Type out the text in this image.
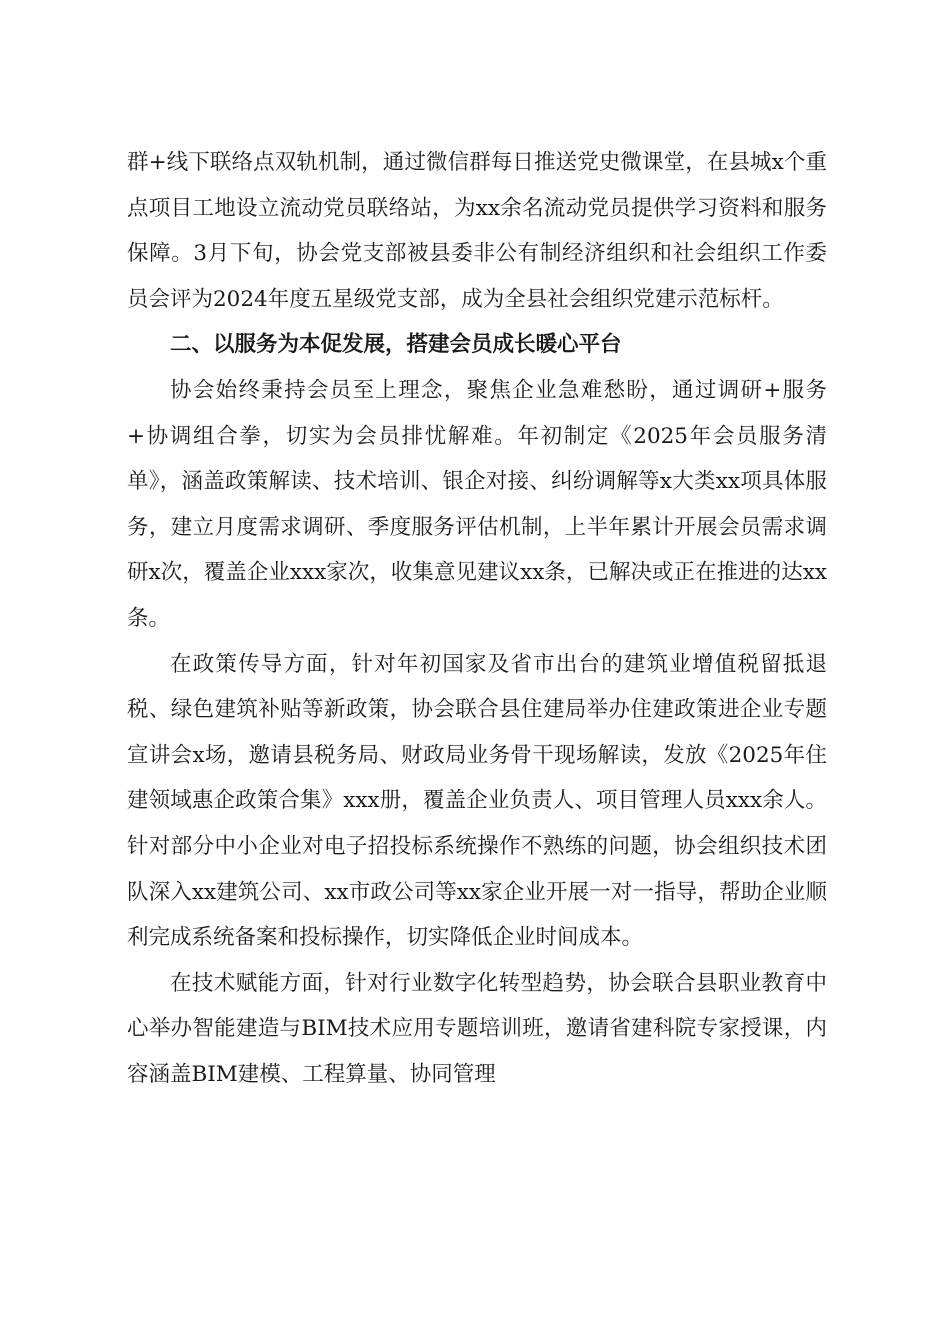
群+线下联络点双轨机制，通过微信群每日推送党史微课堂，在县城x个重点项目工地设立流动党员联络站，为xx余名流动党员提供学习资料和服务保障。3月下旬，协会党支部被县委非公有制经济组织和社会组织工作委员会评为2024年度五星级党支部，成为全县社会组织党建示范标杆。

二、以服务为本促发展，搭建会员成长暖心平台

协会始终秉持会员至上理念，聚焦企业急难愁盼，通过调研+服务+协调组合拳，切实为会员排忧解难。年初制定《2025年会员服务清单》，涵盖政策解读、技术培训、银企对接、纠纷调解等x大类xx项具体服务，建立月度需求调研、季度服务评估机制，上半年累计开展会员需求调研x次，覆盖企业xxx家次，收集意见建议xx条，已解决或正在推进的达xx条。

在政策传导方面，针对年初国家及省市出台的建筑业增值税留抵退税、绿色建筑补贴等新政策，协会联合县住建局举办住建政策进企业专题宣讲会x场，邀请县税务局、财政局业务骨干现场解读，发放《2025年住建领域惠企政策合集》xxx册，覆盖企业负责人、项目管理人员xxx余人。针对部分中小企业对电子招投标系统操作不熟练的问题，协会组织技术团队深入xx建筑公司、xx市政公司等xx家企业开展一对一指导，帮助企业顺利完成系统备案和投标操作，切实降低企业时间成本。

在技术赋能方面，针对行业数字化转型趋势，协会联合县职业教育中心举办智能建造与BIM技术应用专题培训班，邀请省建科院专家授课，内容涵盖BIM建模、工程算量、协同管理
